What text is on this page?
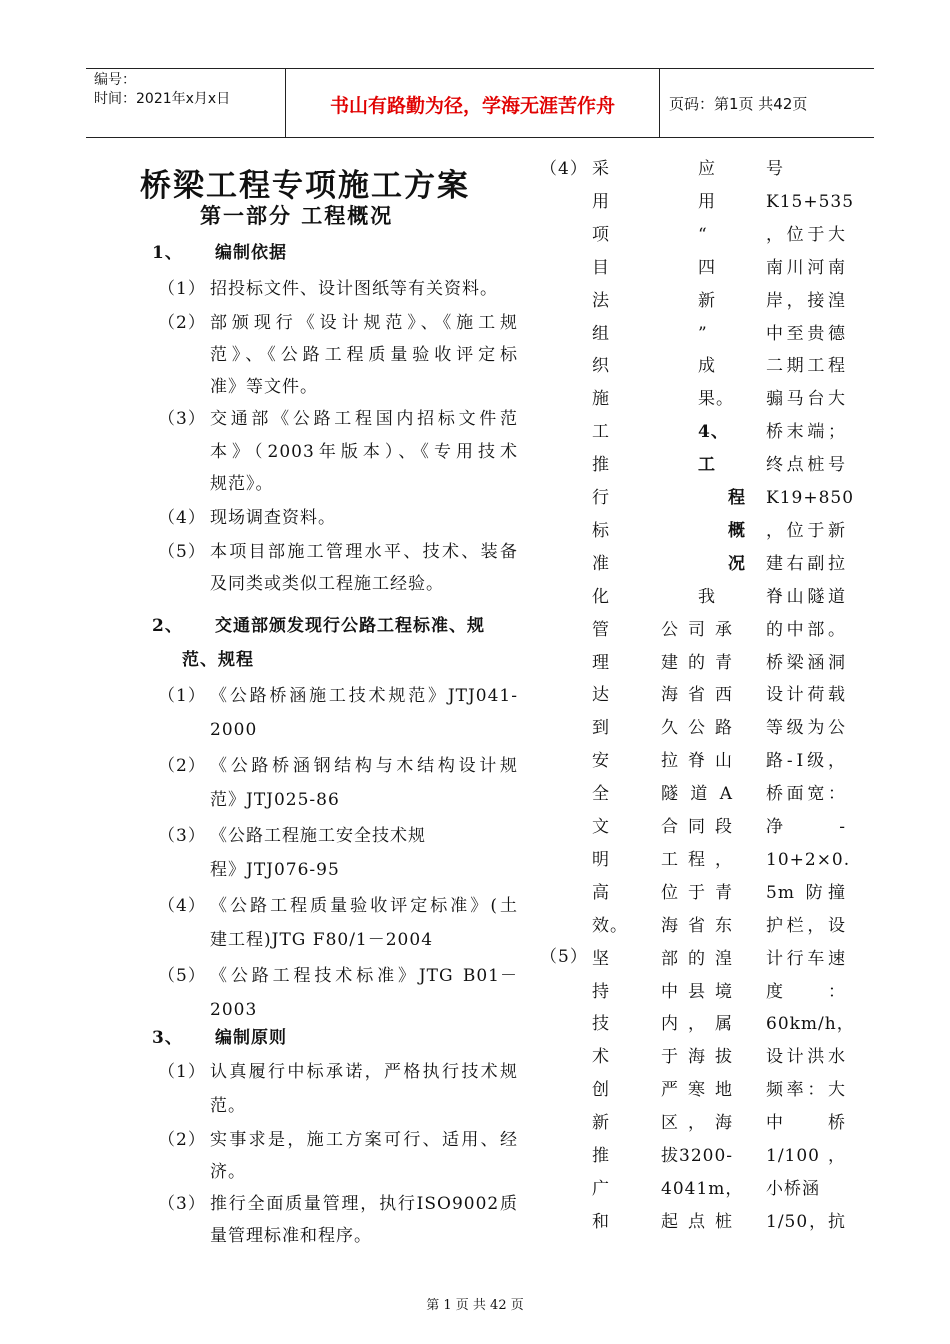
编号：
时间：2021年x月x日	书山有路勤为径，学海无涯苦作舟	页码：第1页 共42页
桥梁工程专项施工方案
第一部分 工程概况
1、 编制依据
（1） 招投标文件、设计图纸等有关资料。
（2） 部颁现行《设计规范》、《施工规
范》、《公路工程质量验收评定标
准》等文件。
（3） 交通部《公路工程国内招标文件范
本》（2003年版本）、《专用技术
规范》。
（4） 现场调查资料。
（5） 本项目部施工管理水平、技术、装备
及同类或类似工程施工经验。
2、 交通部颁发现行公路工程标准、规
范、规程
（1） 《公路桥涵施工技术规范》JTJ041-
2000
（2） 《公路桥涵钢结构与木结构设计规
范》JTJ025-86
（3） 《公路工程施工安全技术规
程》JTJ076-95
（4） 《公路工程质量验收评定标准》(土
建工程)JTG F80/1－2004
（5） 《公路工程技术标准》JTG B01－
2003
3、 编制原则
（1） 认真履行中标承诺，严格执行技术规
范。
（2） 实事求是，施工方案可行、适用、经
济。
（3） 推行全面质量管理，执行ISO9002质
量管理标准和程序。
（4）
（5）
采
用
项
目
法
组
织
施
工
推
行
标
准
化
管
理
达
到
安
全
文
明
高
效。
坚
持
技
术
创
新
推
广
和
应
用
“
四
新
”
成
果。
4、
工
程
概
况
我
公司承
建的青
海省西
久公路
拉脊山
隧道A
合同段
工程，
位于青
海省东
部的湟
中县境
内，属
于海拔
严寒地
区，海
拔3200-
4041m，
起点桩
号
K15+535
，位于大
南川河南
岸，接湟
中至贵德
二期工程
骟马台大
桥末端；
终点桩号
K19+850
，位于新
建右副拉
脊山隧道
的中部。
桥梁涵洞
设计荷载
等级为公
路-Ⅰ级，
桥面宽：
净 -
10+2×0.
5m 防撞
护栏，设
计行车速
度 ：
60km/h，
设计洪水
频率：大
中 桥
1/100 ，
小桥涵
1/50，抗
第 1 页 共 42 页
